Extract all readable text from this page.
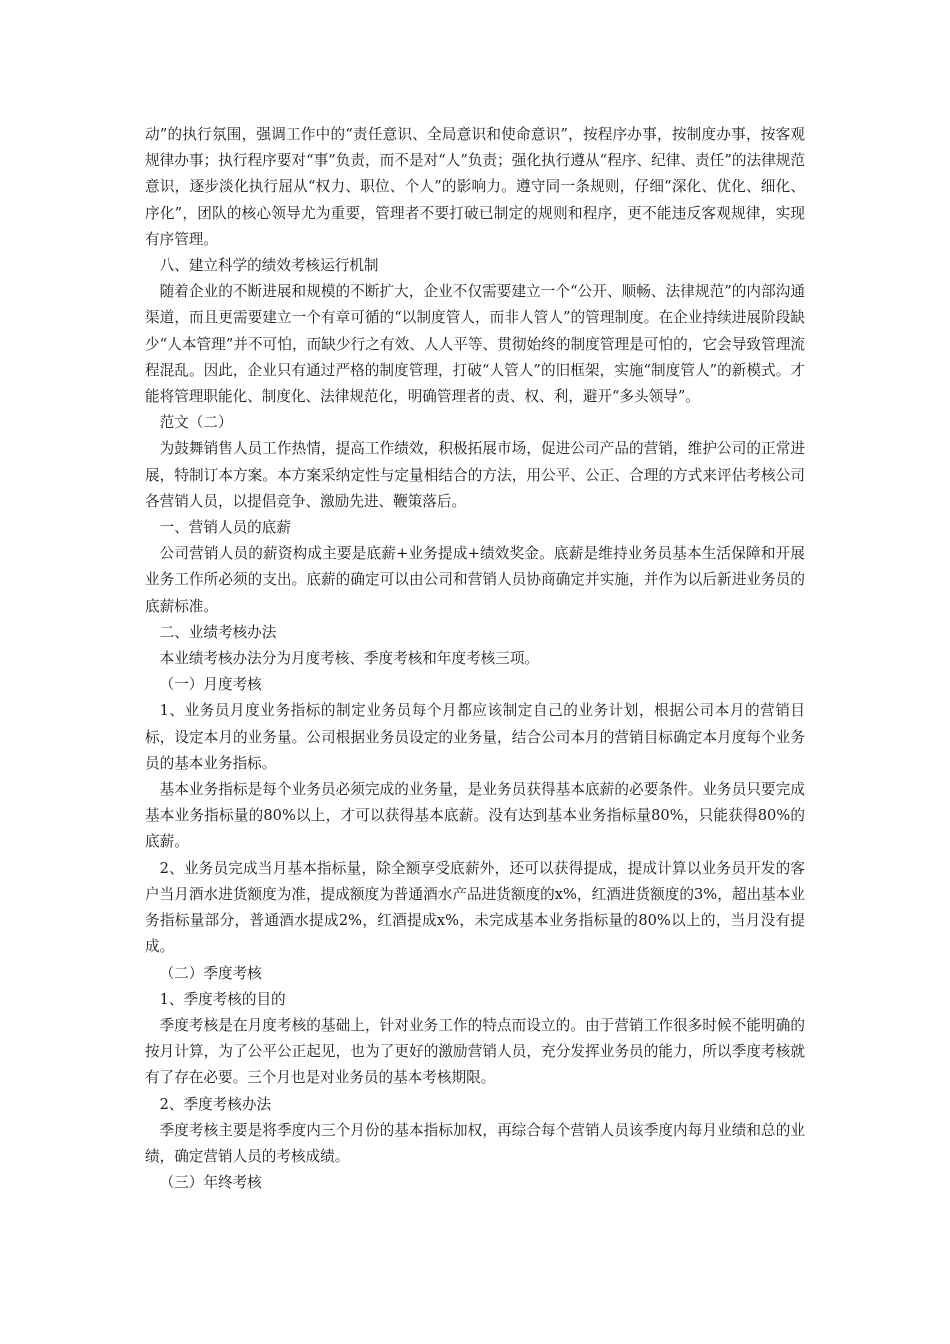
动”的执行氛围，强调工作中的“责任意识、全局意识和使命意识”，按程序办事，按制度办事，按客观规律办事；执行程序要对“事”负责，而不是对“人”负责；强化执行遵从“程序、纪律、责任”的法律规范意识，逐步淡化执行屈从“权力、职位、个人”的影响力。遵守同一条规则，仔细“深化、优化、细化、序化”，团队的核心领导尤为重要，管理者不要打破已制定的规则和程序，更不能违反客观规律，实现有序管理。

八、建立科学的绩效考核运行机制

随着企业的不断进展和规模的不断扩大，企业不仅需要建立一个“公开、顺畅、法律规范”的内部沟通渠道，而且更需要建立一个有章可循的“以制度管人，而非人管人”的管理制度。在企业持续进展阶段缺少“人本管理”并不可怕，而缺少行之有效、人人平等、贯彻始终的制度管理是可怕的，它会导致管理流程混乱。因此，企业只有通过严格的制度管理，打破“人管人”的旧框架，实施“制度管人”的新模式。才能将管理职能化、制度化、法律规范化，明确管理者的责、权、利，避开“多头领导”。

范文（二）

为鼓舞销售人员工作热情，提高工作绩效，积极拓展市场，促进公司产品的营销，维护公司的正常进展，特制订本方案。本方案采纳定性与定量相结合的方法，用公平、公正、合理的方式来评估考核公司各营销人员，以提倡竞争、激励先进、鞭策落后。

一、营销人员的底薪

公司营销人员的薪资构成主要是底薪+业务提成+绩效奖金。底薪是维持业务员基本生活保障和开展业务工作所必须的支出。底薪的确定可以由公司和营销人员协商确定并实施，并作为以后新进业务员的底薪标准。

二、业绩考核办法

本业绩考核办法分为月度考核、季度考核和年度考核三项。

（一）月度考核

1、业务员月度业务指标的制定业务员每个月都应该制定自己的业务计划，根据公司本月的营销目标，设定本月的业务量。公司根据业务员设定的业务量，结合公司本月的营销目标确定本月度每个业务员的基本业务指标。

基本业务指标是每个业务员必须完成的业务量，是业务员获得基本底薪的必要条件。业务员只要完成基本业务指标量的80%以上，才可以获得基本底薪。没有达到基本业务指标量80%，只能获得80%的底薪。

2、业务员完成当月基本指标量，除全额享受底薪外，还可以获得提成，提成计算以业务员开发的客户当月酒水进货额度为准，提成额度为普通酒水产品进货额度的x%，红酒进货额度的3%，超出基本业务指标量部分，普通酒水提成2%，红酒提成x%，未完成基本业务指标量的80%以上的，当月没有提成。

（二）季度考核

1、季度考核的目的

季度考核是在月度考核的基础上，针对业务工作的特点而设立的。由于营销工作很多时候不能明确的按月计算，为了公平公正起见，也为了更好的激励营销人员，充分发挥业务员的能力，所以季度考核就有了存在必要。三个月也是对业务员的基本考核期限。

2、季度考核办法

季度考核主要是将季度内三个月份的基本指标加权，再综合每个营销人员该季度内每月业绩和总的业绩，确定营销人员的考核成绩。

（三）年终考核
